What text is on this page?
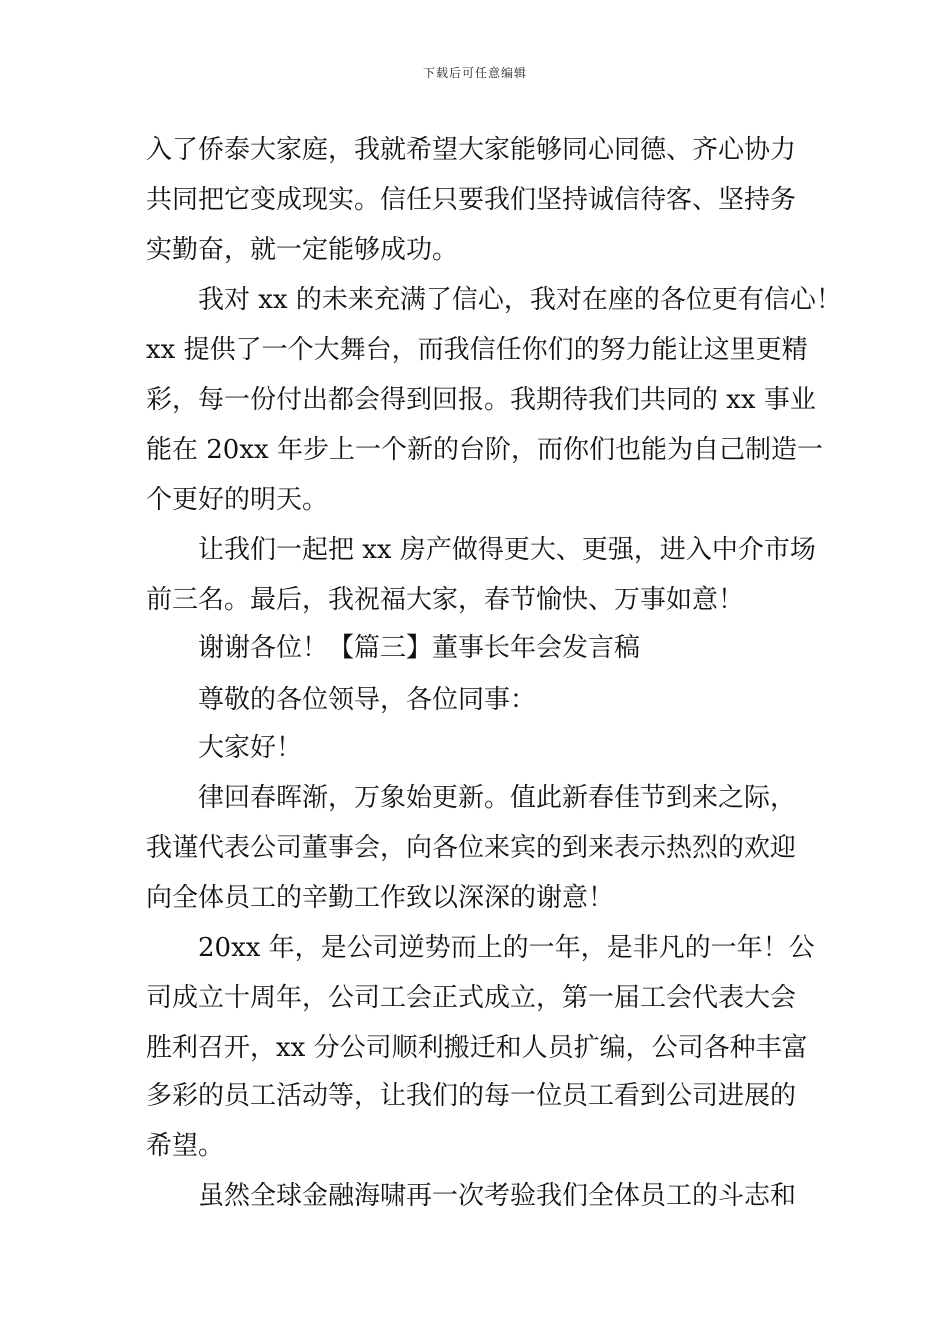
下载后可任意编辑
入了侨泰大家庭，我就希望大家能够同心同德、齐心协力
共同把它变成现实。信任只要我们坚持诚信待客、坚持务
实勤奋，就一定能够成功。
我对 xx 的未来充满了信心，我对在座的各位更有信心！
xx 提供了一个大舞台，而我信任你们的努力能让这里更精
彩，每一份付出都会得到回报。我期待我们共同的 xx 事业
能在 20xx 年步上一个新的台阶，而你们也能为自己制造一
个更好的明天。
让我们一起把 xx 房产做得更大、更强，进入中介市场
前三名。最后，我祝福大家，春节愉快、万事如意！
谢谢各位！【篇三】董事长年会发言稿
尊敬的各位领导，各位同事：
大家好！
律回春晖渐，万象始更新。值此新春佳节到来之际，
我谨代表公司董事会，向各位来宾的到来表示热烈的欢迎
向全体员工的辛勤工作致以深深的谢意！
20xx 年，是公司逆势而上的一年，是非凡的一年！公
司成立十周年，公司工会正式成立，第一届工会代表大会
胜利召开，xx 分公司顺利搬迁和人员扩编，公司各种丰富
多彩的员工活动等，让我们的每一位员工看到公司进展的
希望。
虽然全球金融海啸再一次考验我们全体员工的斗志和
